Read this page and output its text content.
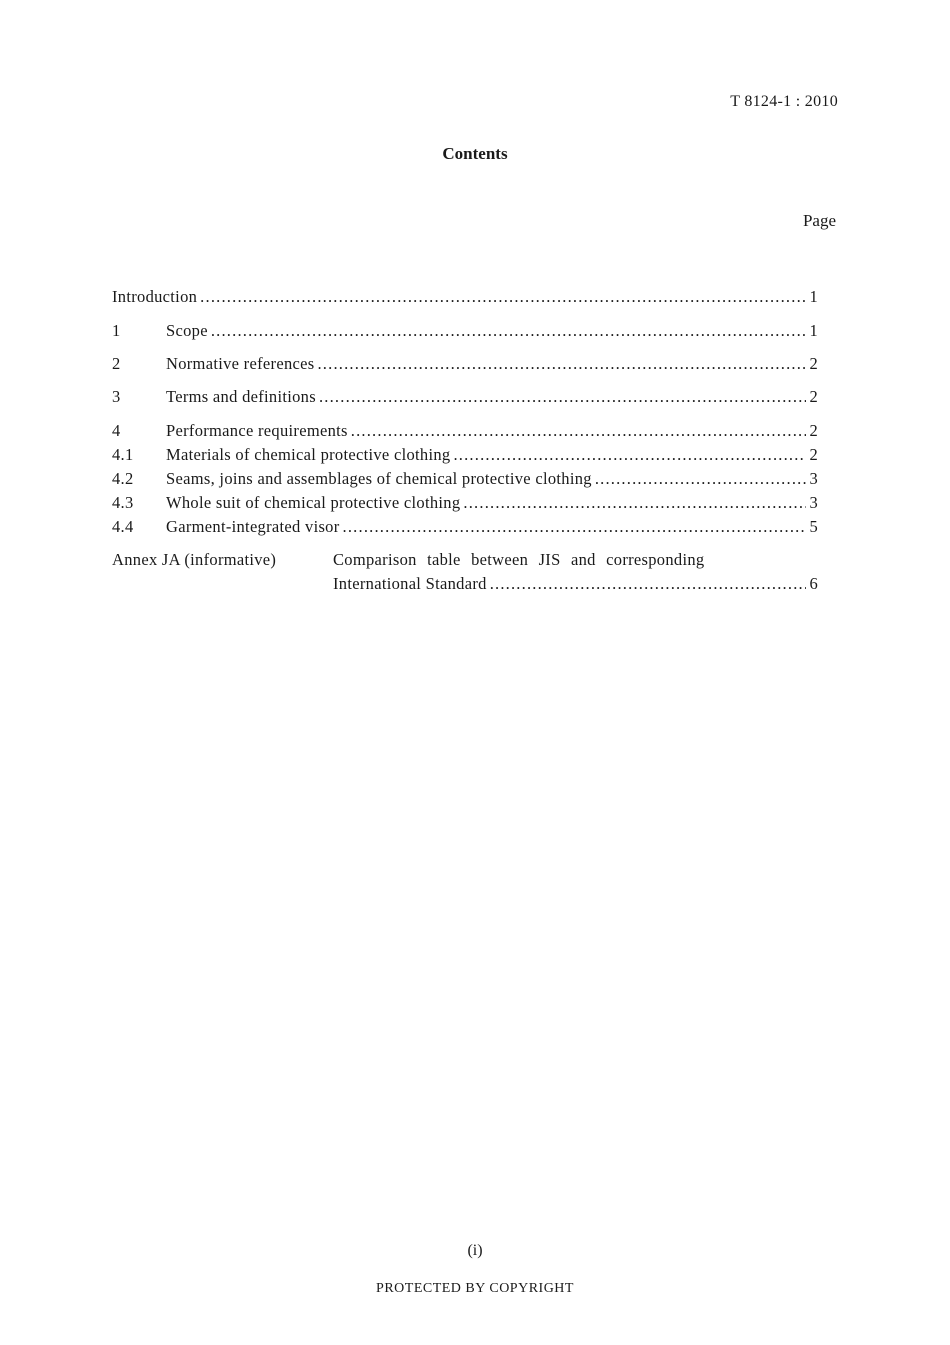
T 8124-1 : 2010
Contents
Page
Introduction .....	1
1	Scope .....	1
2	Normative references .....	2
3	Terms and definitions .....	2
4	Performance requirements .....	2
4.1	Materials of chemical protective clothing .....	2
4.2	Seams, joins and assemblages of chemical protective clothing .....	3
4.3	Whole suit of chemical protective clothing .....	3
4.4	Garment-integrated visor .....	5
Annex JA (informative)	Comparison table between JIS and corresponding
International Standard .....	6
(i)
PROTECTED BY COPYRIGHT
